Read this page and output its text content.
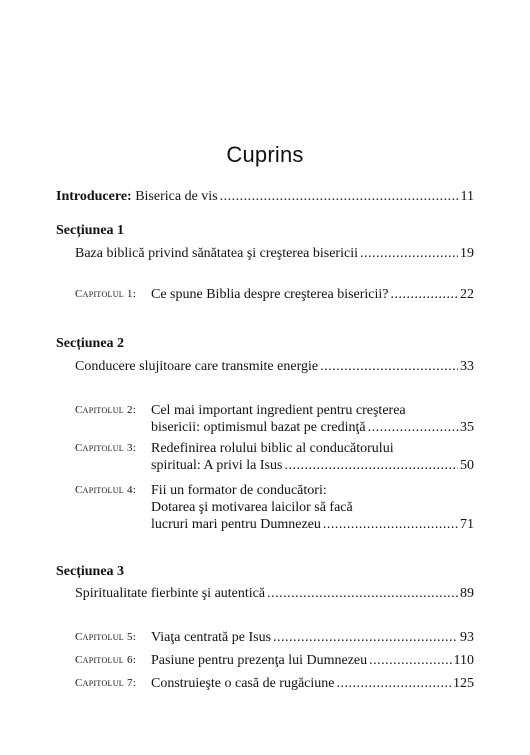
Cuprins
Introducere:
Biserica de vis .....	11
Secțiunea 1
Baza biblică privind sănătatea şi creşterea bisericii .....	19
Capitolul 1: Ce spune Biblia despre creşterea bisericii? .....	22
Secțiunea 2
Conducere slujitoare care transmite energie .....	33
Capitolul 2: Cel mai important ingredient pentru creşterea
bisericii: optimismul bazat pe credinţă .....	35
Capitolul 3: Redefinirea rolului biblic al conducătorului
spiritual: A privi la Isus .....	50
Capitolul 4: Fii un formator de conducători:
Dotarea şi motivarea laicilor să facă
lucruri mari pentru Dumnezeu .....	71
Secțiunea 3
Spiritualitate fierbinte şi autentică .....	89
Capitolul 5: Viaţa centrată pe Isus .....	93
Capitolul 6: Pasiune pentru prezenţa lui Dumnezeu .....	110
Capitolul 7: Construieşte o casă de rugăciune .....	125
